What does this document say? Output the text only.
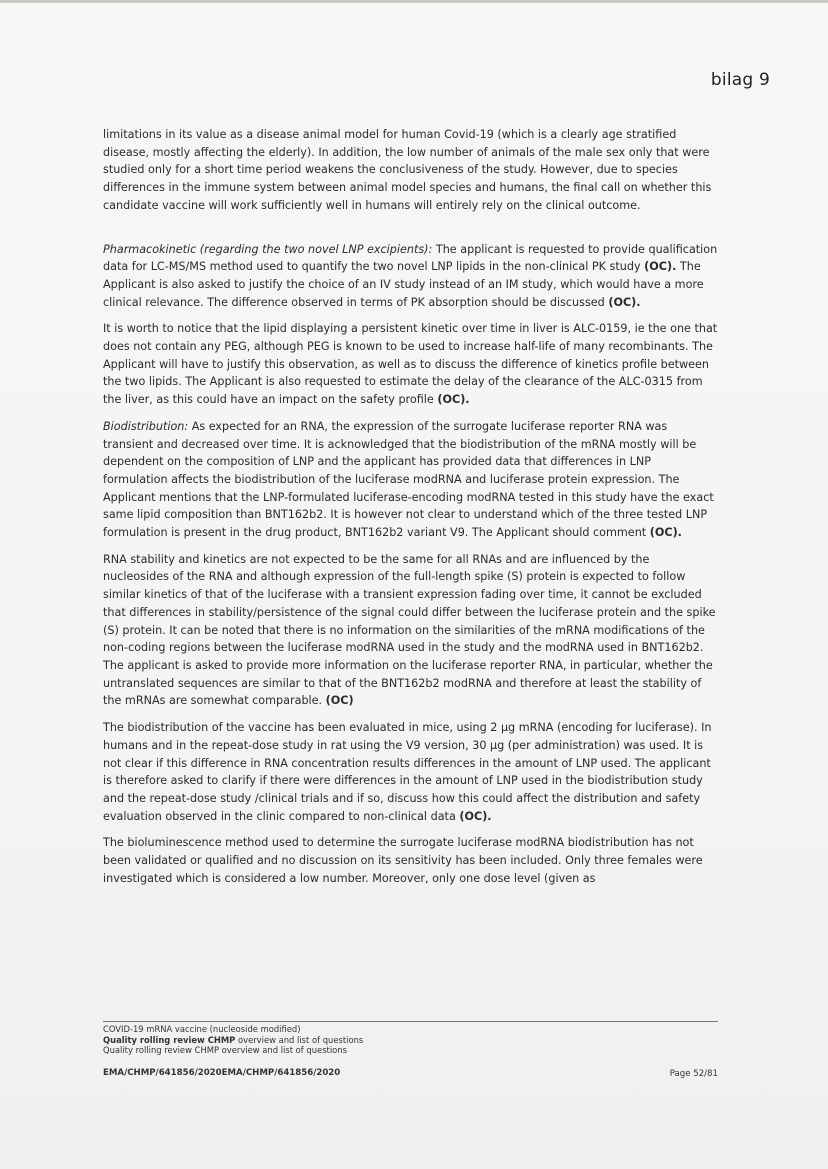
bilag 9

limitations in its value as a disease animal model for human Covid-19 (which is a clearly age stratified disease, mostly affecting the elderly). In addition, the low number of animals of the male sex only that were studied only for a short time period weakens the conclusiveness of the study. However, due to species differences in the immune system between animal model species and humans, the final call on whether this candidate vaccine will work sufficiently well in humans will entirely rely on the clinical outcome.

Pharmacokinetic (regarding the two novel LNP excipients): The applicant is requested to provide qualification data for LC-MS/MS method used to quantify the two novel LNP lipids in the non-clinical PK study (OC). The Applicant is also asked to justify the choice of an IV study instead of an IM study, which would have a more clinical relevance. The difference observed in terms of PK absorption should be discussed (OC).

It is worth to notice that the lipid displaying a persistent kinetic over time in liver is ALC-0159, ie the one that does not contain any PEG, although PEG is known to be used to increase half-life of many recombinants. The Applicant will have to justify this observation, as well as to discuss the difference of kinetics profile between the two lipids. The Applicant is also requested to estimate the delay of the clearance of the ALC-0315 from the liver, as this could have an impact on the safety profile (OC).

Biodistribution: As expected for an RNA, the expression of the surrogate luciferase reporter RNA was transient and decreased over time. It is acknowledged that the biodistribution of the mRNA mostly will be dependent on the composition of LNP and the applicant has provided data that differences in LNP formulation affects the biodistribution of the luciferase modRNA and luciferase protein expression. The Applicant mentions that the LNP-formulated luciferase-encoding modRNA tested in this study have the exact same lipid composition than BNT162b2. It is however not clear to understand which of the three tested LNP formulation is present in the drug product, BNT162b2 variant V9. The Applicant should comment (OC).

RNA stability and kinetics are not expected to be the same for all RNAs and are influenced by the nucleosides of the RNA and although expression of the full-length spike (S) protein is expected to follow similar kinetics of that of the luciferase with a transient expression fading over time, it cannot be excluded that differences in stability/persistence of the signal could differ between the luciferase protein and the spike (S) protein. It can be noted that there is no information on the similarities of the mRNA modifications of the non-coding regions between the luciferase modRNA used in the study and the modRNA used in BNT162b2. The applicant is asked to provide more information on the luciferase reporter RNA, in particular, whether the untranslated sequences are similar to that of the BNT162b2 modRNA and therefore at least the stability of the mRNAs are somewhat comparable. (OC)

The biodistribution of the vaccine has been evaluated in mice, using 2 µg mRNA (encoding for luciferase). In humans and in the repeat-dose study in rat using the V9 version, 30 µg (per administration) was used. It is not clear if this difference in RNA concentration results differences in the amount of LNP used. The applicant is therefore asked to clarify if there were differences in the amount of LNP used in the biodistribution study and the repeat-dose study /clinical trials and if so, discuss how this could affect the distribution and safety evaluation observed in the clinic compared to non-clinical data (OC).

The bioluminescence method used to determine the surrogate luciferase modRNA biodistribution has not been validated or qualified and no discussion on its sensitivity has been included. Only three females were investigated which is considered a low number. Moreover, only one dose level (given as

COVID-19 mRNA vaccine (nucleoside modified)
Quality rolling review CHMP overview and list of questions
Quality rolling review CHMP overview and list of questions
EMA/CHMP/641856/2020EMA/CHMP/641856/2020	Page 52/81
